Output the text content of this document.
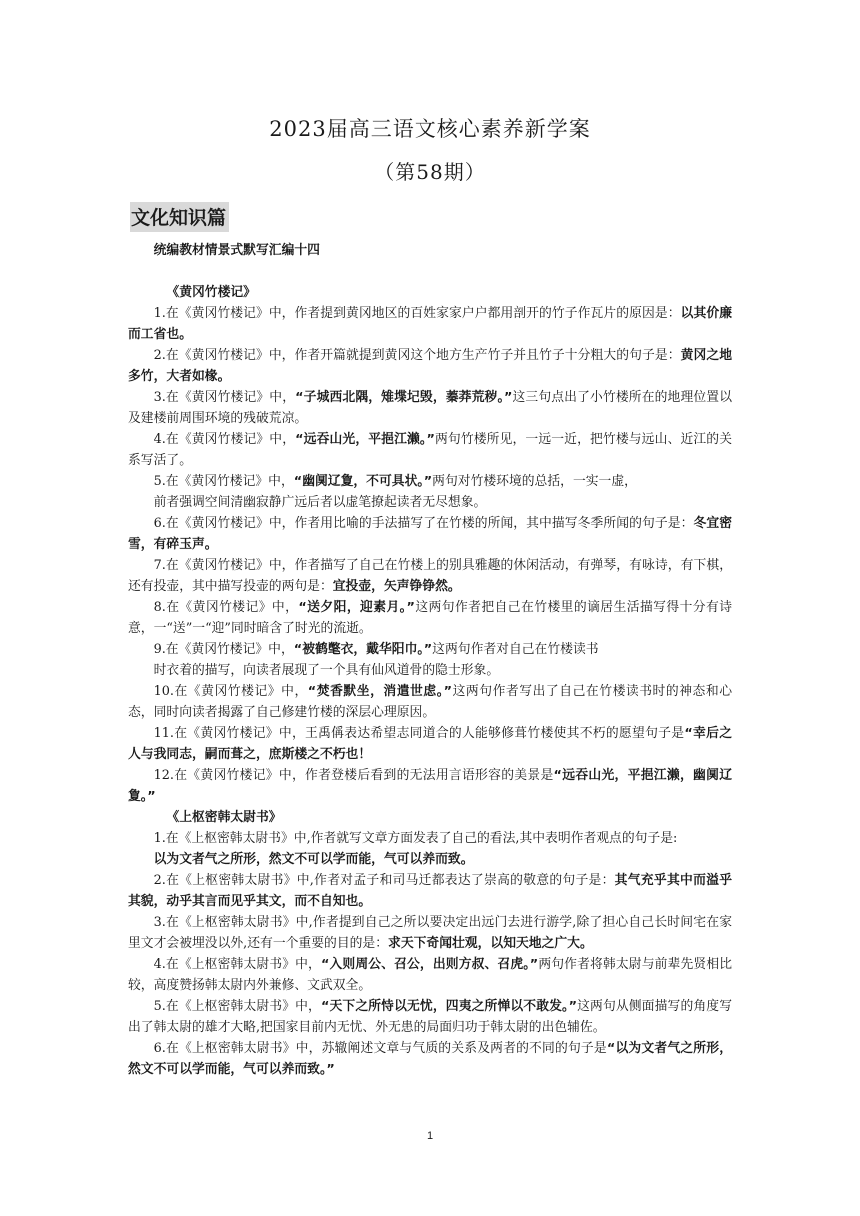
2023届高三语文核心素养新学案
（第58期）
文化知识篇

统编教材情景式默写汇编十四

《黄冈竹楼记》

1.在《黄冈竹楼记》中，作者提到黄冈地区的百姓家家户户都用剖开的竹子作瓦片的原因是：以其价廉而工省也。

2.在《黄冈竹楼记》中，作者开篇就提到黄冈这个地方生产竹子并且竹子十分粗大的句子是：黄冈之地多竹，大者如椽。

3.在《黄冈竹楼记》中，“子城西北隅，雉堞圮毁，蓁莽荒秽。”这三句点出了小竹楼所在的地理位置以及建楼前周围环境的残破荒凉。

4.在《黄冈竹楼记》中，“远吞山光，平挹江濑。”两句竹楼所见，一远一近，把竹楼与远山、近江的关系写活了。

5.在《黄冈竹楼记》中，“幽阒辽夐，不可具状。”两句对竹楼环境的总括，一实一虚，

前者强调空间清幽寂静广远后者以虚笔撩起读者无尽想象。

6.在《黄冈竹楼记》中，作者用比喻的手法描写了在竹楼的所闻，其中描写冬季所闻的句子是：冬宜密雪，有碎玉声。

7.在《黄冈竹楼记》中，作者描写了自己在竹楼上的别具雅趣的休闲活动，有弹琴，有咏诗，有下棋，还有投壶，其中描写投壶的两句是：宜投壶，矢声铮铮然。

8.在《黄冈竹楼记》中，“送夕阳，迎素月。”这两句作者把自己在竹楼里的谪居生活描写得十分有诗意，一“送”一“迎”同时暗含了时光的流逝。

9.在《黄冈竹楼记》中，“被鹤氅衣，戴华阳巾。”这两句作者对自己在竹楼读书

时衣着的描写，向读者展现了一个具有仙风道骨的隐士形象。

10.在《黄冈竹楼记》中，“焚香默坐，消遣世虑。”这两句作者写出了自己在竹楼读书时的神态和心态，同时向读者揭露了自己修建竹楼的深层心理原因。

11.在《黄冈竹楼记》中，王禹偁表达希望志同道合的人能够修葺竹楼使其不朽的愿望句子是“幸后之人与我同志，嗣而葺之，庶斯楼之不朽也！

12.在《黄冈竹楼记》中，作者登楼后看到的无法用言语形容的美景是“远吞山光，平挹江濑，幽阒辽夐。”

《上枢密韩太尉书》

1.在《上枢密韩太尉书》中,作者就写文章方面发表了自己的看法,其中表明作者观点的句子是:

以为文者气之所形，然文不可以学而能，气可以养而致。

2.在《上枢密韩太尉书》中,作者对孟子和司马迁都表达了崇高的敬意的句子是：其气充乎其中而溢乎其貌，动乎其言而见乎其文，而不自知也。

3.在《上枢密韩太尉书》中,作者提到自己之所以要决定出远门去进行游学,除了担心自己长时间宅在家里文才会被埋没以外,还有一个重要的目的是：求天下奇闻壮观，以知天地之广大。

4.在《上枢密韩太尉书》中，“入则周公、召公，出则方叔、召虎。”两句作者将韩太尉与前辈先贤相比较，高度赞扬韩太尉内外兼修、文武双全。

5.在《上枢密韩太尉书》中，“天下之所恃以无忧，四夷之所惮以不敢发。”这两句从侧面描写的角度写出了韩太尉的雄才大略,把国家目前内无忧、外无患的局面归功于韩太尉的出色辅佐。

6.在《上枢密韩太尉书》中，苏辙阐述文章与气质的关系及两者的不同的句子是“以为文者气之所形，然文不可以学而能，气可以养而致。”

1
